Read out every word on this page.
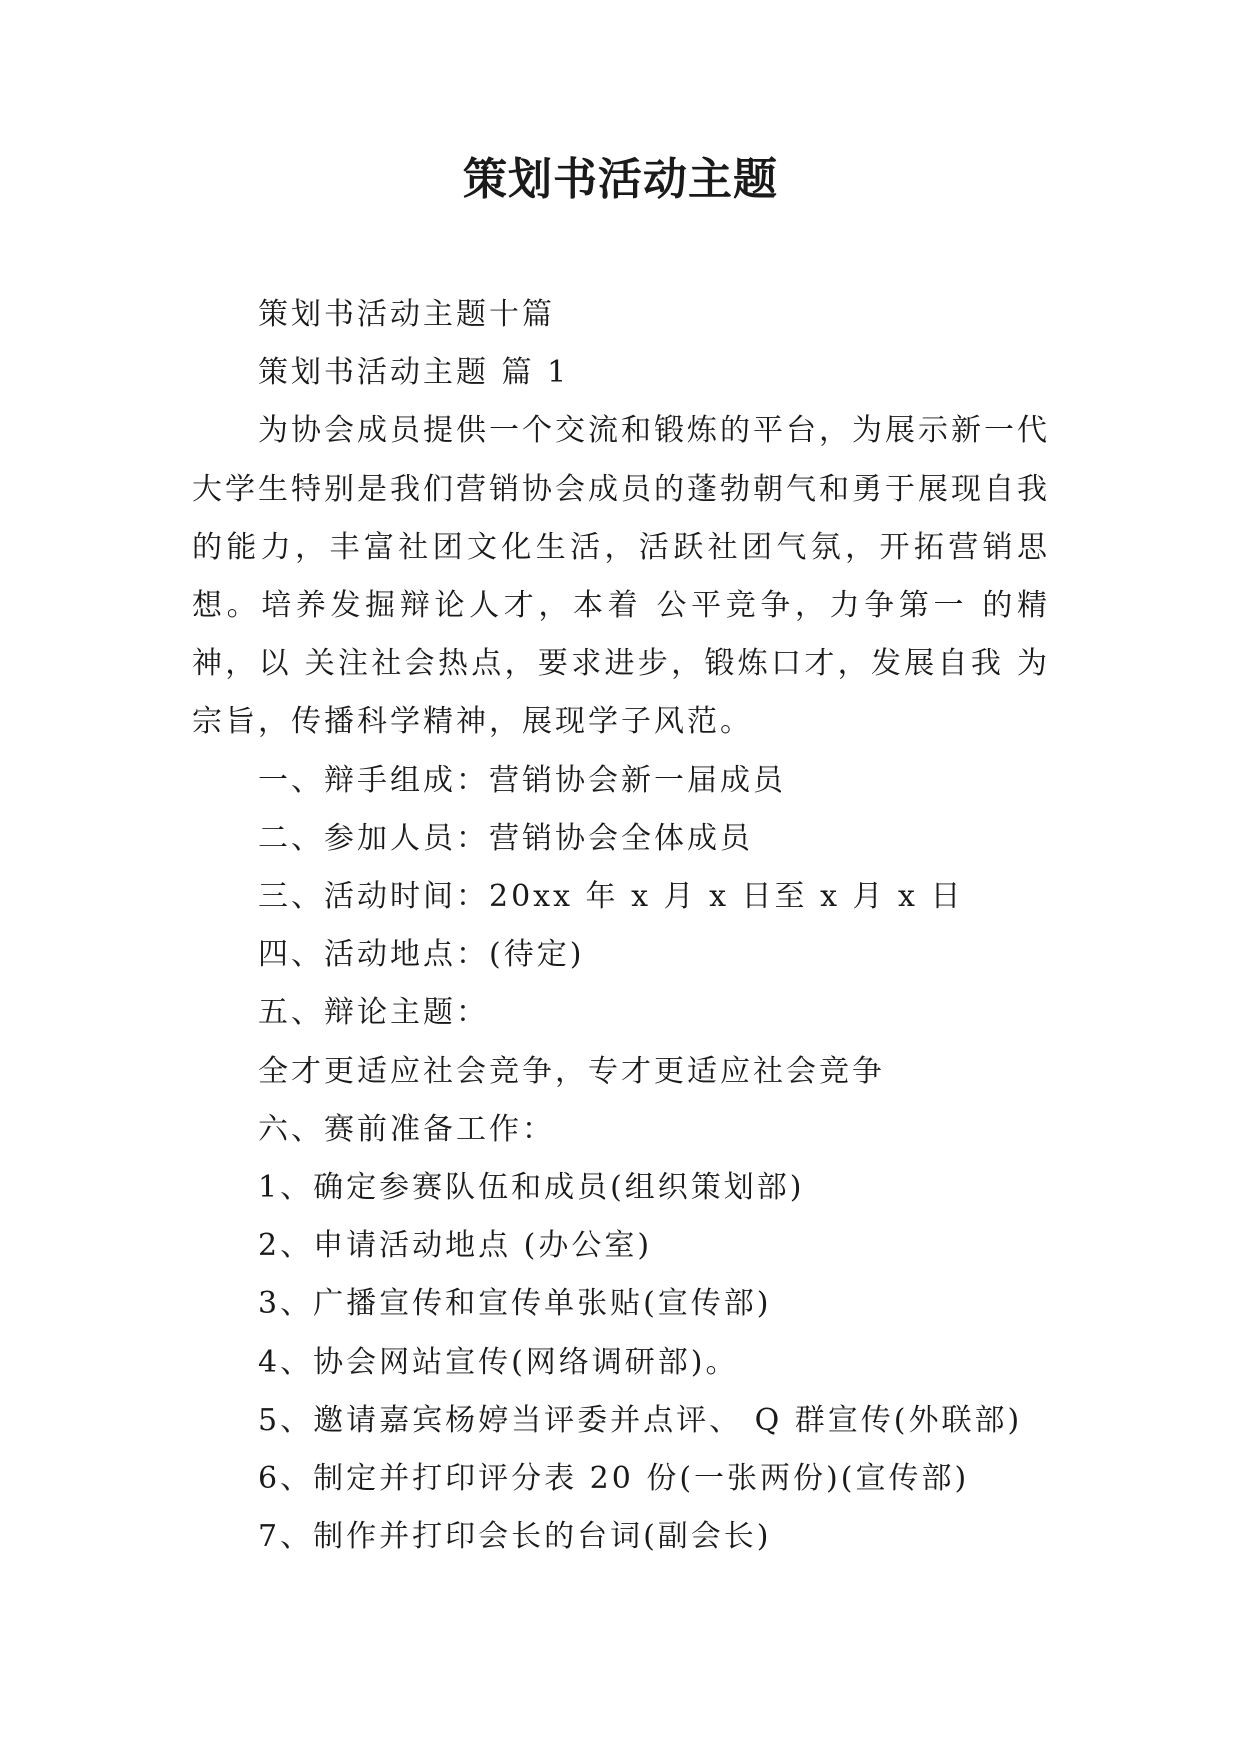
策划书活动主题

策划书活动主题十篇

策划书活动主题 篇 1

为协会成员提供一个交流和锻炼的平台，为展示新一代大学生特别是我们营销协会成员的蓬勃朝气和勇于展现自我的能力，丰富社团文化生活，活跃社团气氛，开拓营销思想。培养发掘辩论人才，本着 公平竞争，力争第一 的精神，以 关注社会热点，要求进步，锻炼口才，发展自我 为宗旨，传播科学精神，展现学子风范。

一、辩手组成：营销协会新一届成员

二、参加人员：营销协会全体成员

三、活动时间：20xx 年 x 月 x 日至 x 月 x 日

四、活动地点：(待定)

五、辩论主题：

全才更适应社会竞争，专才更适应社会竞争

六、赛前准备工作：

1、确定参赛队伍和成员(组织策划部)

2、申请活动地点 (办公室)

3、广播宣传和宣传单张贴(宣传部)

4、协会网站宣传(网络调研部)。

5、邀请嘉宾杨婷当评委并点评、 Q 群宣传(外联部)

6、制定并打印评分表 20 份(一张两份)(宣传部)

7、制作并打印会长的台词(副会长)
